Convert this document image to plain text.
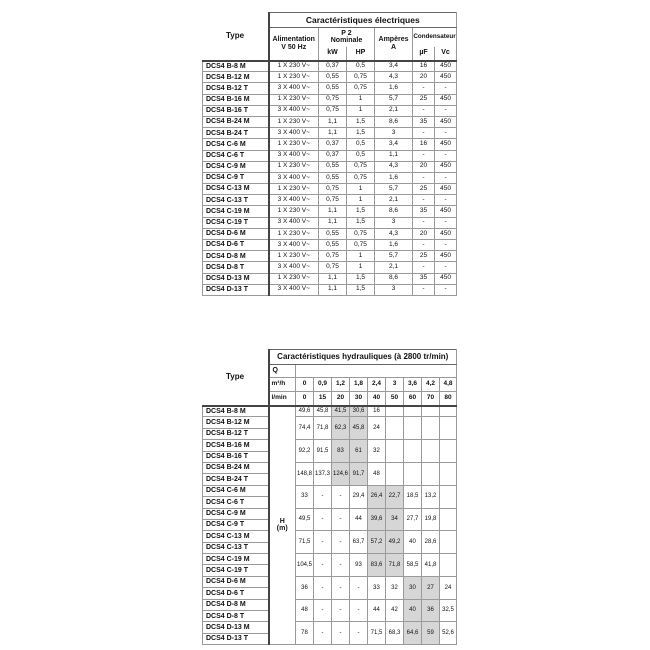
Type	Caractéristiques électriques					

	Alimentation
V 50 Hz	P 2
Nominale		Ampères
A	Condensateur	
		kW	HP		µF	Vc
DCS4 B-8 M	1 X 230 V~	0,37	0,5	3,4	16	450
DCS4 B-12 M	1 X 230 V~	0,55	0,75	4,3	20	450
DCS4 B-12 T	3 X 400 V~	0,55	0,75	1,6	-	-
DCS4 B-16 M	1 X 230 V~	0,75	1	5,7	25	450
DCS4 B-16 T	3 X 400 V~	0,75	1	2,1	-	-
DCS4 B-24 M	1 X 230 V~	1,1	1,5	8,6	35	450
DCS4 B-24 T	3 X 400 V~	1,1	1,5	3	-	-
DCS4 C-6 M	1 X 230 V~	0,37	0,5	3,4	16	450
DCS4 C-6 T	3 X 400 V~	0,37	0,5	1,1	-	-
DCS4 C-9 M	1 X 230 V~	0,55	0,75	4,3	20	450
DCS4 C-9 T	3 X 400 V~	0,55	0,75	1,6	-	-
DCS4 C-13 M	1 X 230 V~	0,75	1	5,7	25	450
DCS4 C-13 T	3 X 400 V~	0,75	1	2,1	-	-
DCS4 C-19 M	1 X 230 V~	1,1	1,5	8,6	35	450
DCS4 C-19 T	3 X 400 V~	1,1	1,5	3	-	-
DCS4 D-6 M	1 X 230 V~	0,55	0,75	4,3	20	450
DCS4 D-6 T	3 X 400 V~	0,55	0,75	1,6	-	-
DCS4 D-8 M	1 X 230 V~	0,75	1	5,7	25	450
DCS4 D-8 T	3 X 400 V~	0,75	1	2,1	-	-
DCS4 D-13 M	1 X 230 V~	1,1	1,5	8,6	35	450
DCS4 D-13 T	3 X 400 V~	1,1	1,5	3	-	-
Type	Caractéristiques hydrauliques (à 2800 tr/min)									
	Q									
	m³/h	0	0,9	1,2	1,8	2,4	3	3,6	4,2	4,8
	l/min	0	15	20	30	40	50	60	70	80
DCS4 B-8 M	H
(m)	49,6	45,8	41,5	30,6	16				
DCS4 B-12 M		74,4	71,8	62,3	45,8	24				
DCS4 B-12 T										
DCS4 B-16 M		92,2	91,5	83	61	32				
DCS4 B-16 T										
DCS4 B-24 M		148,8	137,3	124,6	91,7	48				
DCS4 B-24 T										
DCS4 C-6 M		33	-	-	29,4	26,4	22,7	18,5	13,2	
DCS4 C-6 T										
DCS4 C-9 M		49,5	-	-	44	39,6	34	27,7	19,8	
DCS4 C-9 T										
DCS4 C-13 M		71,5	-	-	63,7	57,2	49,2	40	28,6	
DCS4 C-13 T										
DCS4 C-19 M		104,5	-	-	93	83,6	71,8	58,5	41,8	
DCS4 C-19 T										
DCS4 D-6 M		36	-	-	-	33	32	30	27	24
DCS4 D-6 T										
DCS4 D-8 M		48	-	-	-	44	42	40	36	32,5
DCS4 D-8 T										
DCS4 D-13 M		78	-	-	-	71,5	68,3	64,6	59	52,6
DCS4 D-13 T										
